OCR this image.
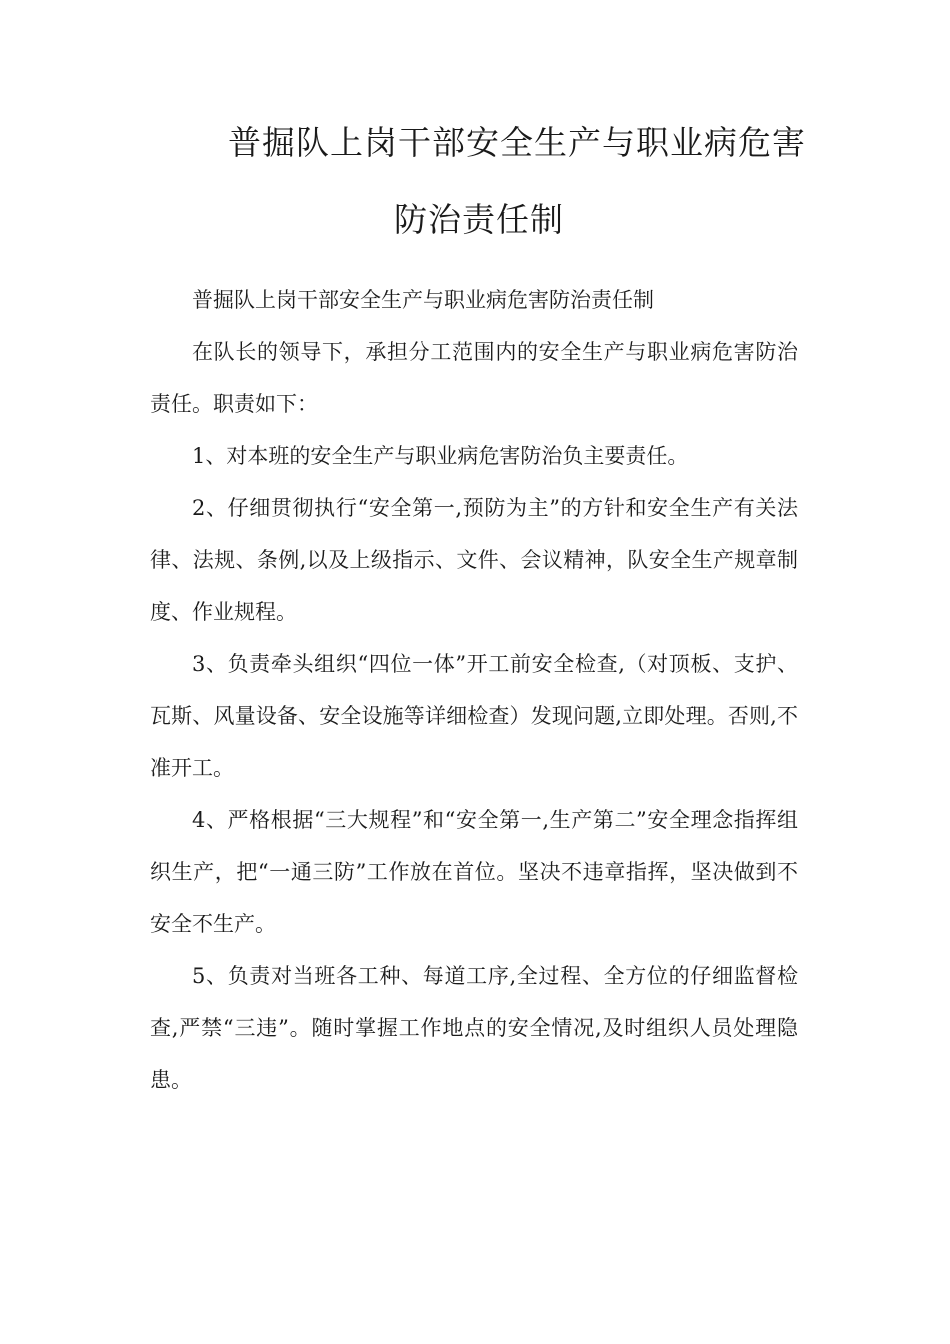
普掘队上岗干部安全生产与职业病危害
防治责任制

普掘队上岗干部安全生产与职业病危害防治责任制

在队长的领导下，承担分工范围内的安全生产与职业病危害防治责任。职责如下：

1、对本班的安全生产与职业病危害防治负主要责任。

2、仔细贯彻执行“安全第一,预防为主”的方针和安全生产有关法律、法规、条例,以及上级指示、文件、会议精神，队安全生产规章制度、作业规程。

3、负责牵头组织“四位一体”开工前安全检查,（对顶板、支护、瓦斯、风量设备、安全设施等详细检查）发现问题,立即处理。否则,不准开工。

4、严格根据“三大规程”和“安全第一,生产第二”安全理念指挥组织生产，把“一通三防”工作放在首位。坚决不违章指挥，坚决做到不安全不生产。

5、负责对当班各工种、每道工序,全过程、全方位的仔细监督检查,严禁“三违”。随时掌握工作地点的安全情况,及时组织人员处理隐患。
